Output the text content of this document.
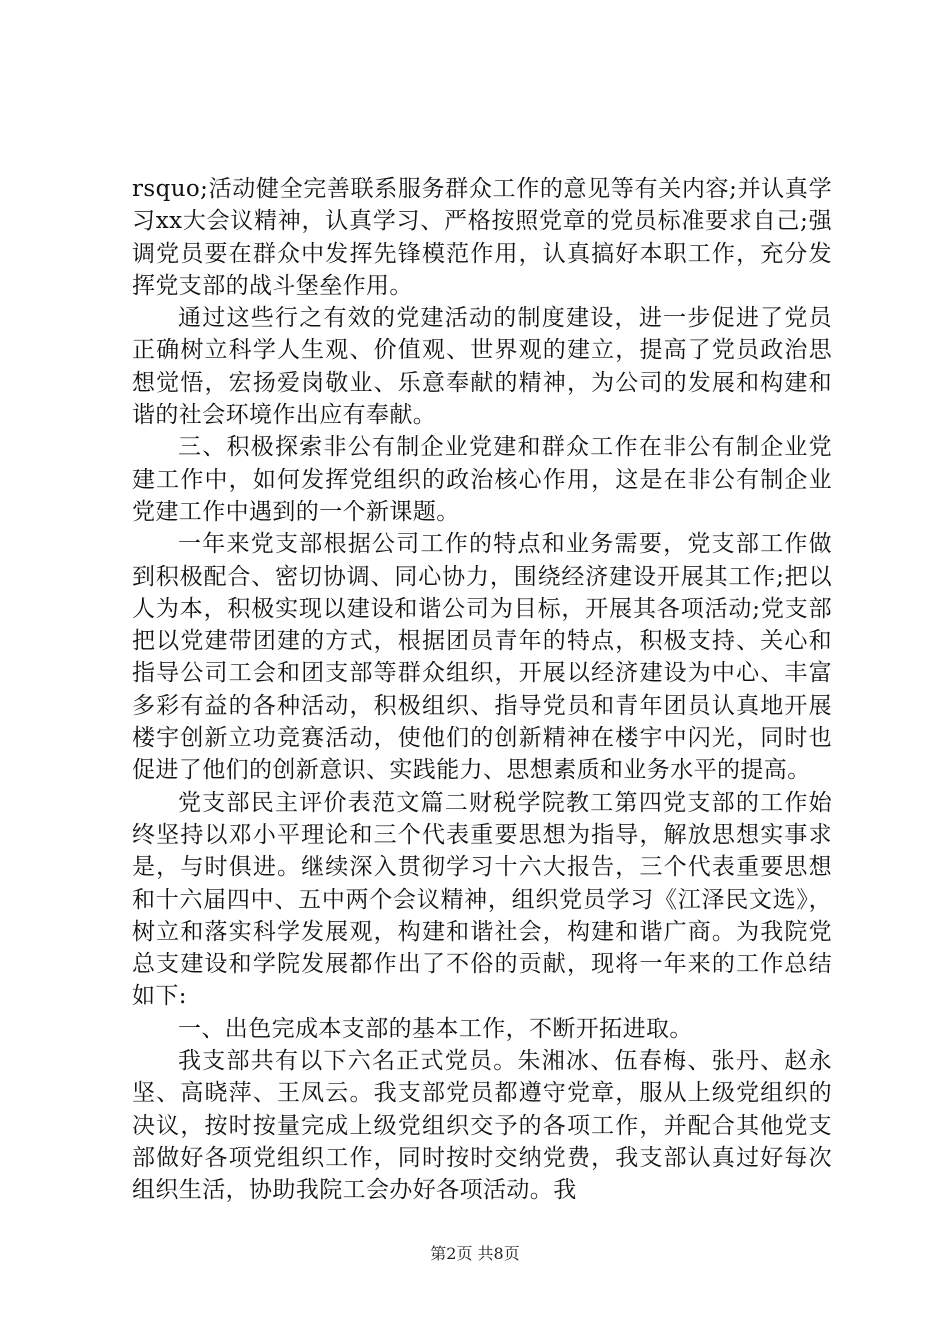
rsquo;活动健全完善联系服务群众工作的意见等有关内容;并认真学习xx大会议精神，认真学习、严格按照党章的党员标准要求自己;强调党员要在群众中发挥先锋模范作用，认真搞好本职工作，充分发挥党支部的战斗堡垒作用。

通过这些行之有效的党建活动的制度建设，进一步促进了党员正确树立科学人生观、价值观、世界观的建立，提高了党员政治思想觉悟，宏扬爱岗敬业、乐意奉献的精神，为公司的发展和构建和谐的社会环境作出应有奉献。

三、积极探索非公有制企业党建和群众工作在非公有制企业党建工作中，如何发挥党组织的政治核心作用，这是在非公有制企业党建工作中遇到的一个新课题。

一年来党支部根据公司工作的特点和业务需要，党支部工作做到积极配合、密切协调、同心协力，围绕经济建设开展其工作;把以人为本，积极实现以建设和谐公司为目标，开展其各项活动;党支部把以党建带团建的方式，根据团员青年的特点，积极支持、关心和指导公司工会和团支部等群众组织，开展以经济建设为中心、丰富多彩有益的各种活动，积极组织、指导党员和青年团员认真地开展楼宇创新立功竞赛活动，使他们的创新精神在楼宇中闪光，同时也促进了他们的创新意识、实践能力、思想素质和业务水平的提高。

党支部民主评价表范文篇二财税学院教工第四党支部的工作始终坚持以邓小平理论和三个代表重要思想为指导，解放思想实事求是，与时俱进。继续深入贯彻学习十六大报告，三个代表重要思想和十六届四中、五中两个会议精神，组织党员学习《江泽民文选》，树立和落实科学发展观，构建和谐社会，构建和谐广商。为我院党总支建设和学院发展都作出了不俗的贡献，现将一年来的工作总结如下:

一、出色完成本支部的基本工作，不断开拓进取。

我支部共有以下六名正式党员。朱湘冰、伍春梅、张丹、赵永坚、高晓萍、王凤云。我支部党员都遵守党章，服从上级党组织的决议，按时按量完成上级党组织交予的各项工作，并配合其他党支部做好各项党组织工作，同时按时交纳党费，我支部认真过好每次组织生活，协助我院工会办好各项活动。我

第2页 共8页
